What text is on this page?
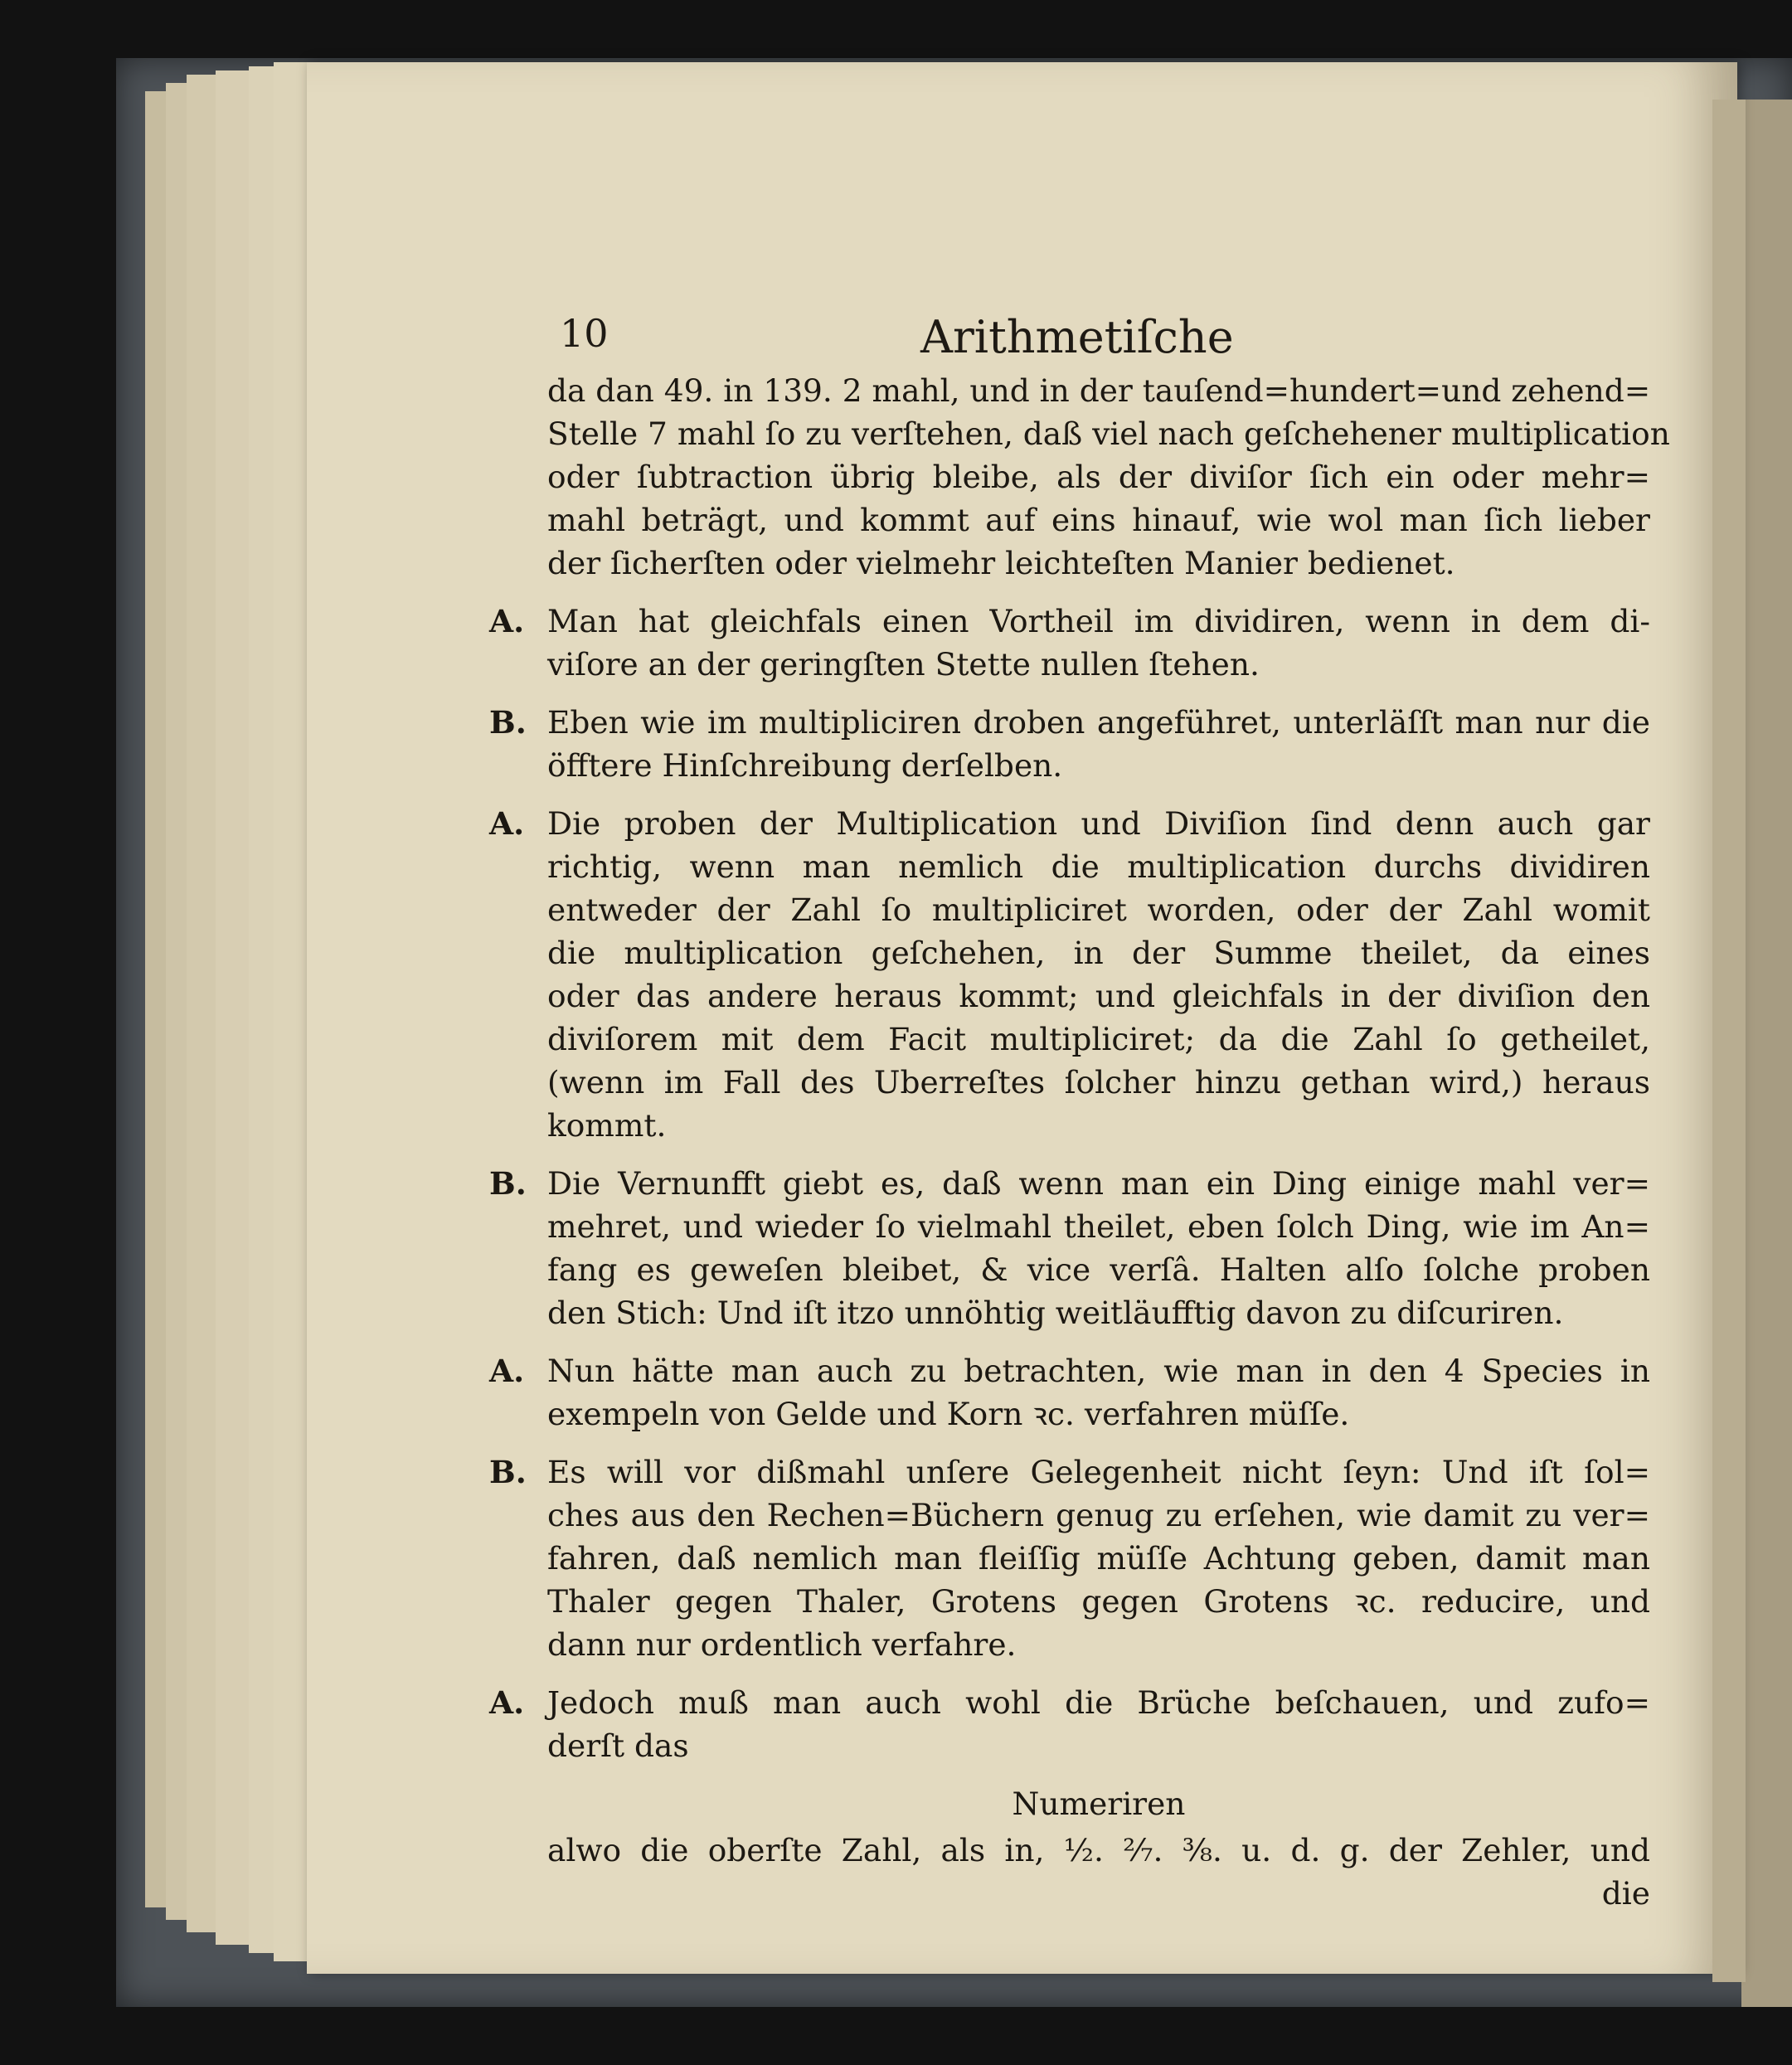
10	Arithmetiſche
da dan 49. in 139. 2 mahl, und in der tauſend=hundert=und zehend=
Stelle 7 mahl ſo zu verſtehen, daß viel nach geſchehener multiplication
oder ſubtraction übrig bleibe, als der diviſor ſich ein oder mehr=
mahl beträgt, und kommt auf eins hinauf, wie wol man ſich lieber
der ſicherſten oder vielmehr leichteſten Manier bedienet.
A. Man hat gleichfals einen Vortheil im dividiren, wenn in dem di-
viſore an der geringſten Stette nullen ſtehen.
B. Eben wie im multipliciren droben angeführet, unterläſſt man nur die
öfftere Hinſchreibung derſelben.
A. Die proben der Multiplication und Diviſion ſind denn auch gar
richtig, wenn man nemlich die multiplication durchs dividiren
entweder der Zahl ſo multipliciret worden, oder der Zahl womit
die multiplication geſchehen, in der Summe theilet, da eines
oder das andere heraus kommt; und gleichfals in der diviſion den
diviſorem mit dem Facit multipliciret; da die Zahl ſo getheilet,
(wenn im Fall des Uberreſtes ſolcher hinzu gethan wird,) heraus
kommt.
B. Die Vernunfft giebt es, daß wenn man ein Ding einige mahl ver=
mehret, und wieder ſo vielmahl theilet, eben ſolch Ding, wie im An=
fang es geweſen bleibet, & vice verſâ. Halten alſo ſolche proben
den Stich: Und iſt itzo unnöhtig weitläufftig davon zu diſcuriren.
A. Nun hätte man auch zu betrachten, wie man in den 4 Species in
exempeln von Gelde und Korn ꝛc. verfahren müſſe.
B. Es will vor dißmahl unſere Gelegenheit nicht ſeyn: Und iſt ſol=
ches aus den Rechen=Büchern genug zu erſehen, wie damit zu ver=
fahren, daß nemlich man fleiſſig müſſe Achtung geben, damit man
Thaler gegen Thaler, Grotens gegen Grotens ꝛc. reducire, und
dann nur ordentlich verfahre.
A. Jedoch muß man auch wohl die Brüche beſchauen, und zufo=
derſt das
Numeriren
alwo die oberſte Zahl, als in, ½. ²⁄₇. ⅜. u. d. g. der Zehler, und
die
